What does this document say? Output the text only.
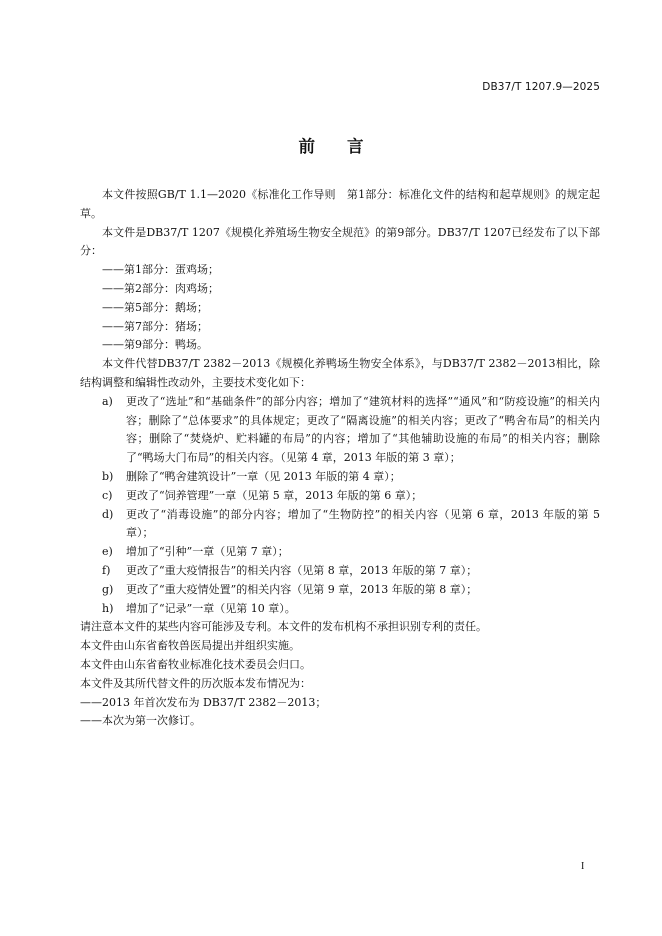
DB37/T 1207.9—2025
前言

本文件按照GB/T 1.1—2020《标准化工作导则　第1部分：标准化文件的结构和起草规则》的规定起草。

本文件是DB37/T 1207《规模化养殖场生物安全规范》的第9部分。DB37/T 1207已经发布了以下部分：

——第1部分：蛋鸡场；
——第2部分：肉鸡场；
——第5部分：鹅场；
——第7部分：猪场；
——第9部分：鸭场。

本文件代替DB37/T 2382－2013《规模化养鸭场生物安全体系》，与DB37/T 2382－2013相比，除结构调整和编辑性改动外，主要技术变化如下：

a) 更改了“选址”和“基础条件”的部分内容；增加了“建筑材料的选择”“通风”和“防疫设施”的相关内容；删除了“总体要求”的具体规定；更改了“隔离设施”的相关内容；更改了“鸭舍布局”的相关内容；删除了“焚烧炉、贮料罐的布局”的内容；增加了“其他辅助设施的布局”的相关内容；删除了“鸭场大门布局”的相关内容。（见第 4 章，2013 年版的第 3 章）；
b) 删除了“鸭舍建筑设计”一章（见 2013 年版的第 4 章）；
c) 更改了“饲养管理”一章（见第 5 章，2013 年版的第 6 章）；
d) 更改了“消毒设施”的部分内容；增加了“生物防控”的相关内容（见第 6 章，2013 年版的第 5 章）；
e) 增加了“引种”一章（见第 7 章）；
f) 更改了“重大疫情报告”的相关内容（见第 8 章，2013 年版的第 7 章）；
g) 更改了“重大疫情处置”的相关内容（见第 9 章，2013 年版的第 8 章）；
h) 增加了“记录”一章（见第 10 章）。

请注意本文件的某些内容可能涉及专利。本文件的发布机构不承担识别专利的责任。

本文件由山东省畜牧兽医局提出并组织实施。

本文件由山东省畜牧业标准化技术委员会归口。

本文件及其所代替文件的历次版本发布情况为：

——2013 年首次发布为 DB37/T 2382－2013；
——本次为第一次修订。
I
